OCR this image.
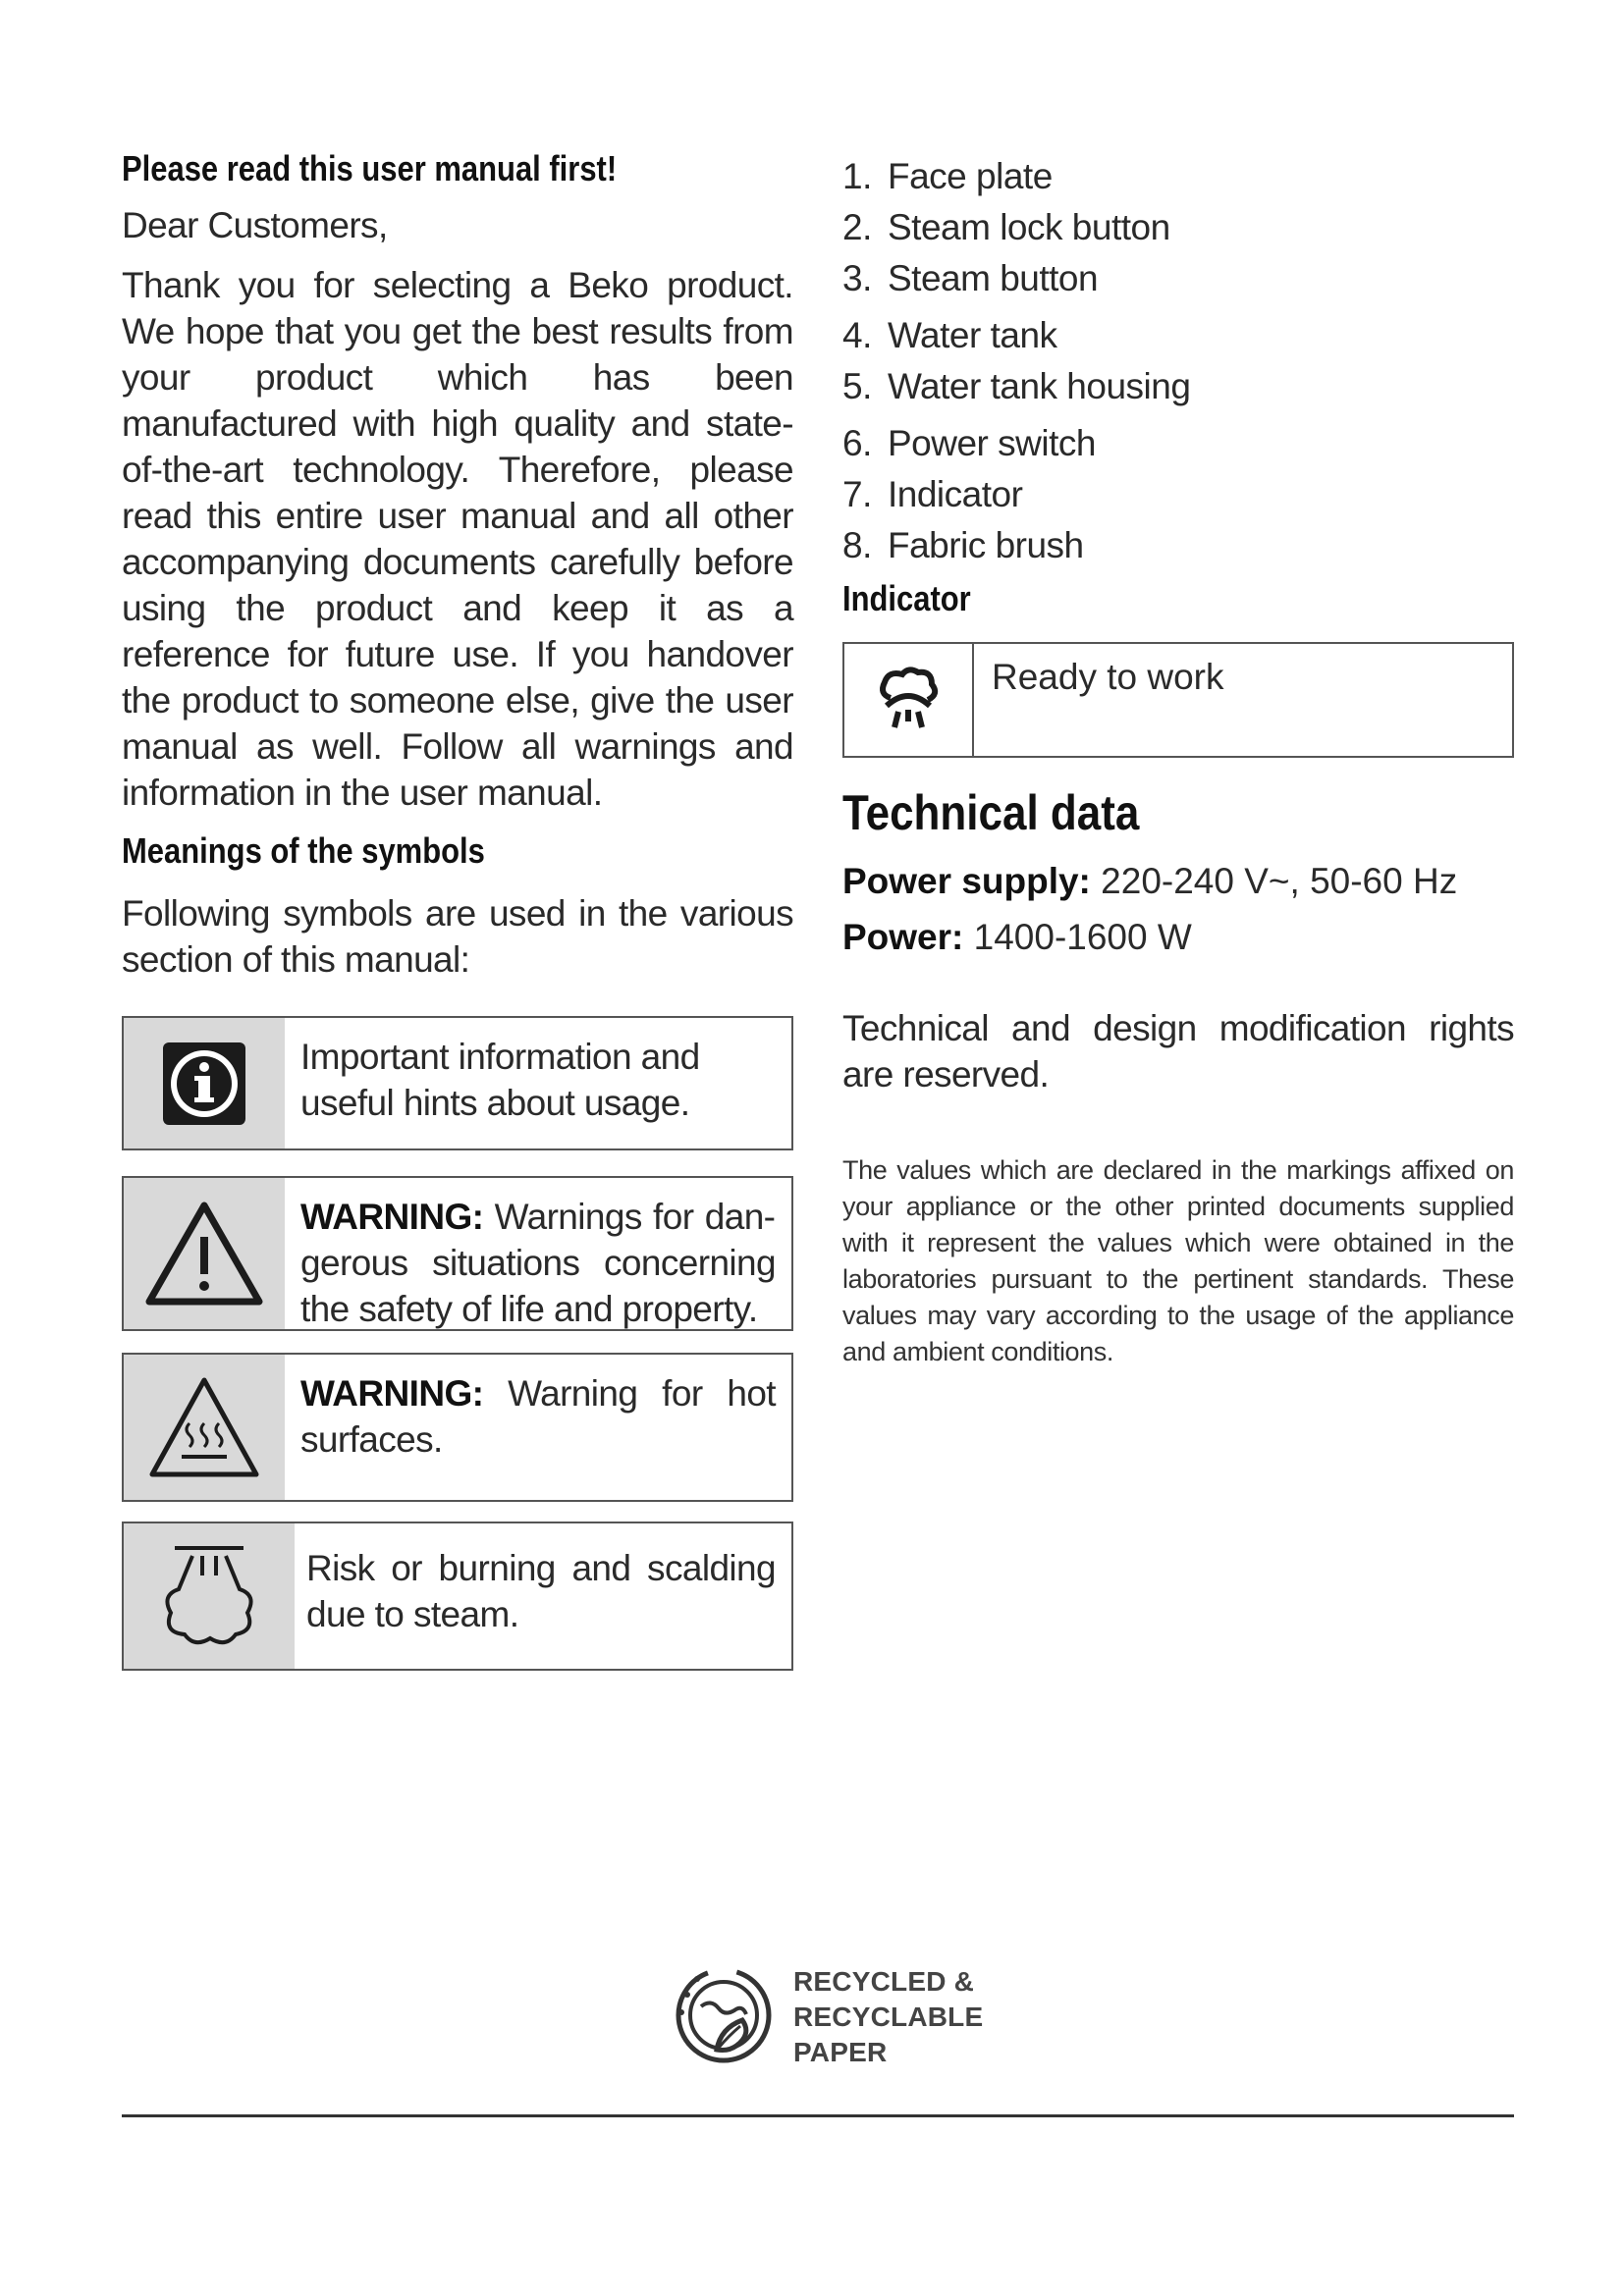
Please read this user manual first!

Dear Customers,

Thank you for selecting a Beko product. We hope that you get the best results from your product which has been manufactured with high quality and state-of-the-art technology. Therefore, please read this entire user manual and all other accompanying documents carefully before using the product and keep it as a reference for future use. If you handover the product to someone else, give the user manual as well. Follow all warnings and information in the user manual.

Meanings of the symbols

Following symbols are used in the various section of this manual:

Important information and useful hints about usage.

WARNING: Warnings for dangerous situations concerning the safety of life and property.

WARNING: Warning for hot surfaces.

Risk or burning and scalding due to steam.

1. Face plate
2. Steam lock button
3. Steam button
4. Water tank
5. Water tank housing
6. Power switch
7. Indicator
8. Fabric brush

Indicator

Ready to work

Technical data

Power supply: 220-240 V~, 50-60 Hz

Power: 1400-1600 W

Technical and design modification rights are reserved.

The values which are declared in the markings affixed on your appliance or the other printed documents supplied with it represent the values which were obtained in the laboratories pursuant to the pertinent standards. These values may vary according to the usage of the appliance and ambient conditions.

RECYCLED &
RECYCLABLE
PAPER
